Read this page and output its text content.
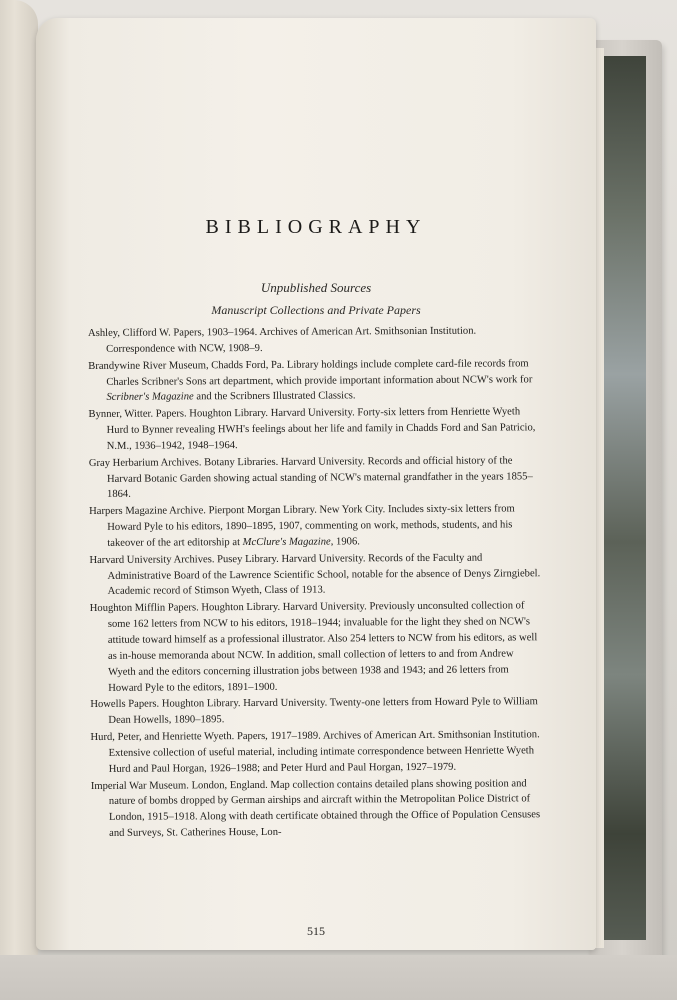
BIBLIOGRAPHY
Unpublished Sources
Manuscript Collections and Private Papers

Ashley, Clifford W. Papers, 1903–1964. Archives of American Art. Smithsonian Institution. Correspondence with NCW, 1908–9.

Brandywine River Museum, Chadds Ford, Pa. Library holdings include complete card-file records from Charles Scribner's Sons art department, which provide important information about NCW's work for Scribner's Magazine and the Scribners Illustrated Classics.

Bynner, Witter. Papers. Houghton Library. Harvard University. Forty-six letters from Henriette Wyeth Hurd to Bynner revealing HWH's feelings about her life and family in Chadds Ford and San Patricio, N.M., 1936–1942, 1948–1964.

Gray Herbarium Archives. Botany Libraries. Harvard University. Records and official history of the Harvard Botanic Garden showing actual standing of NCW's maternal grandfather in the years 1855–1864.

Harpers Magazine Archive. Pierpont Morgan Library. New York City. Includes sixty-six letters from Howard Pyle to his editors, 1890–1895, 1907, commenting on work, methods, students, and his takeover of the art editorship at McClure's Magazine, 1906.

Harvard University Archives. Pusey Library. Harvard University. Records of the Faculty and Administrative Board of the Lawrence Scientific School, notable for the absence of Denys Zirngiebel. Academic record of Stimson Wyeth, Class of 1913.

Houghton Mifflin Papers. Houghton Library. Harvard University. Previously unconsulted collection of some 162 letters from NCW to his editors, 1918–1944; invaluable for the light they shed on NCW's attitude toward himself as a professional illustrator. Also 254 letters to NCW from his editors, as well as in-house memoranda about NCW. In addition, small collection of letters to and from Andrew Wyeth and the editors concerning illustration jobs between 1938 and 1943; and 26 letters from Howard Pyle to the editors, 1891–1900.

Howells Papers. Houghton Library. Harvard University. Twenty-one letters from Howard Pyle to William Dean Howells, 1890–1895.

Hurd, Peter, and Henriette Wyeth. Papers, 1917–1989. Archives of American Art. Smithsonian Institution. Extensive collection of useful material, including intimate correspondence between Henriette Wyeth Hurd and Paul Horgan, 1926–1988; and Peter Hurd and Paul Horgan, 1927–1979.

Imperial War Museum. London, England. Map collection contains detailed plans showing position and nature of bombs dropped by German airships and aircraft within the Metropolitan Police District of London, 1915–1918. Along with death certificate obtained through the Office of Population Censuses and Surveys, St. Catherines House, Lon-

515
